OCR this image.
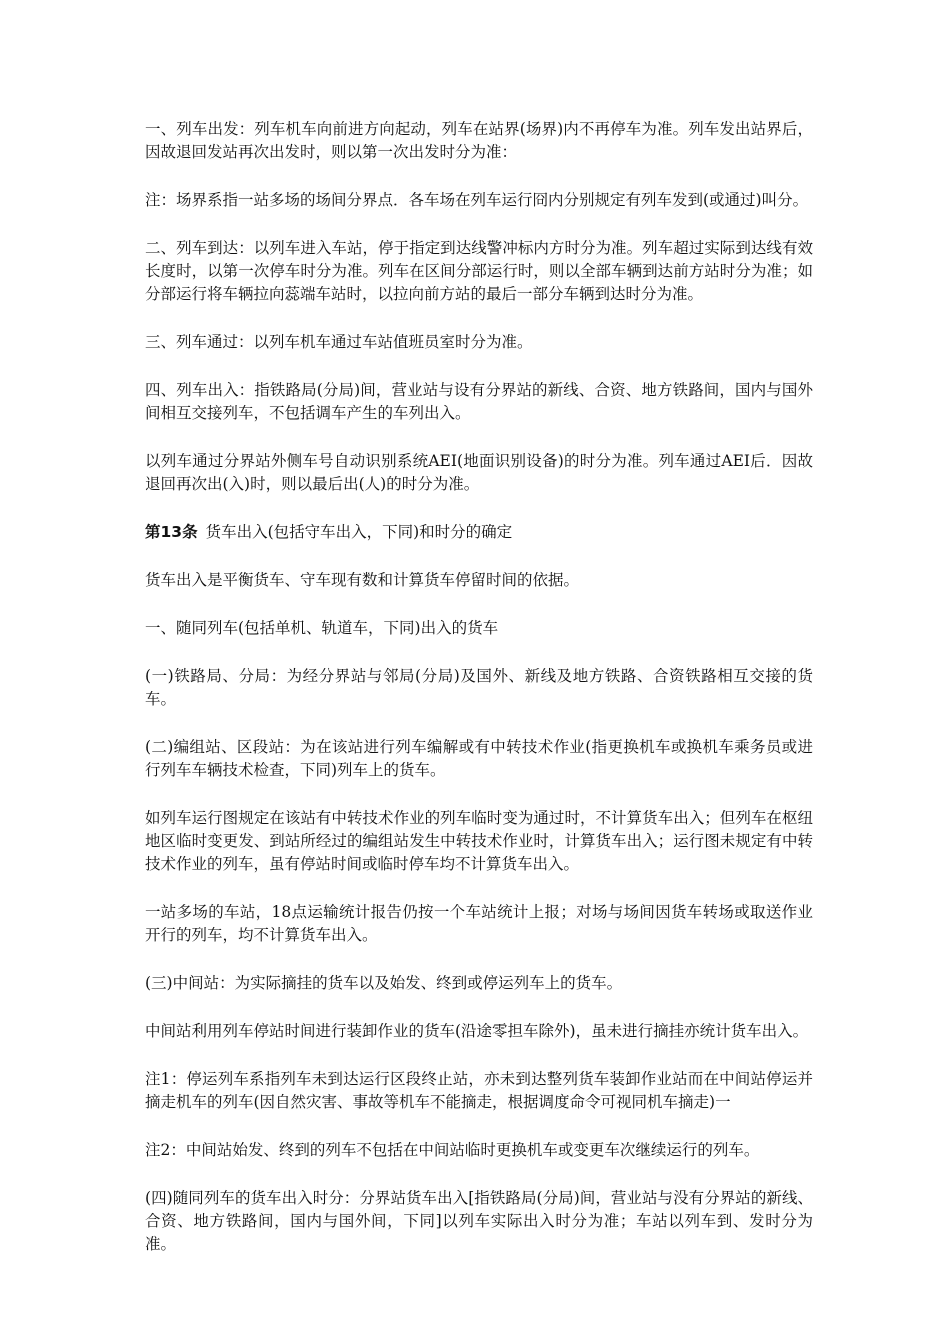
一、列车出发：列车机车向前进方向起动，列车在站界(场界)内不再停车为准。列车发出站界后，因故退回发站再次出发时，则以第一次出发时分为准：

注：场界系指一站多场的场间分界点．各车场在列车运行冏内分别规定有列车发到(或通过)叫分。

二、列车到达：以列车进入车站，停于指定到达线警冲标内方时分为准。列车超过实际到达线有效长度时，以第一次停车时分为准。列车在区间分部运行时，则以全部车辆到达前方站时分为准；如分部运行将车辆拉向蕊端车站时，以拉向前方站的最后一部分车辆到达时分为准。

三、列车通过：以列车机车通过车站值班员室时分为准。

四、列车出入：指铁路局(分局)间，营业站与设有分界站的新线、合资、地方铁路间，国内与国外间相互交接列车，不包括调车产生的车列出入。

以列车通过分界站外侧车号自动识别系统AEI(地面识别设备)的时分为准。列车通过AEI后．因故退回再次出(入)时，则以最后出(人)的时分为准。

第13条 货车出入(包括守车出入，下同)和时分的确定

货车出入是平衡货车、守车现有数和计算货车停留时间的依据。

一、随同列车(包括单机、轨道车，下同)出入的货车

(一)铁路局、分局：为经分界站与邻局(分局)及国外、新线及地方铁路、合资铁路相互交接的货车。

(二)编组站、区段站：为在该站进行列车编解或有中转技术作业(指更换机车或换机车乘务员或进行列车车辆技术检查，下同)列车上的货车。

如列车运行图规定在该站有中转技术作业的列车临时变为通过时，不计算货车出入；但列车在枢纽地区临时变更发、到站所经过的编组站发生中转技术作业时，计算货车出入；运行图未规定有中转技术作业的列车，虽有停站时间或临时停车均不计算货车出入。

一站多场的车站，18点运输统计报告仍按一个车站统计上报；对场与场间因货车转场或取送作业开行的列车，均不计算货车出入。

(三)中间站：为实际摘挂的货车以及始发、终到或停运列车上的货车。

中间站利用列车停站时间进行装卸作业的货车(沿途零担车除外)，虽未进行摘挂亦统计货车出入。

注1：停运列车系指列车未到达运行区段终止站，亦未到达整列货车装卸作业站而在中间站停运并摘走机车的列车(因自然灾害、事故等机车不能摘走，根据调度命令可视同机车摘走)一

注2：中间站始发、终到的列车不包括在中间站临时更换机车或变更车次继续运行的列车。

(四)随同列车的货车出入时分：分界站货车出入[指铁路局(分局)间，营业站与没有分界站的新线、合资、地方铁路间，国内与国外间，下同]以列车实际出入时分为准；车站以列车到、发时分为准。
